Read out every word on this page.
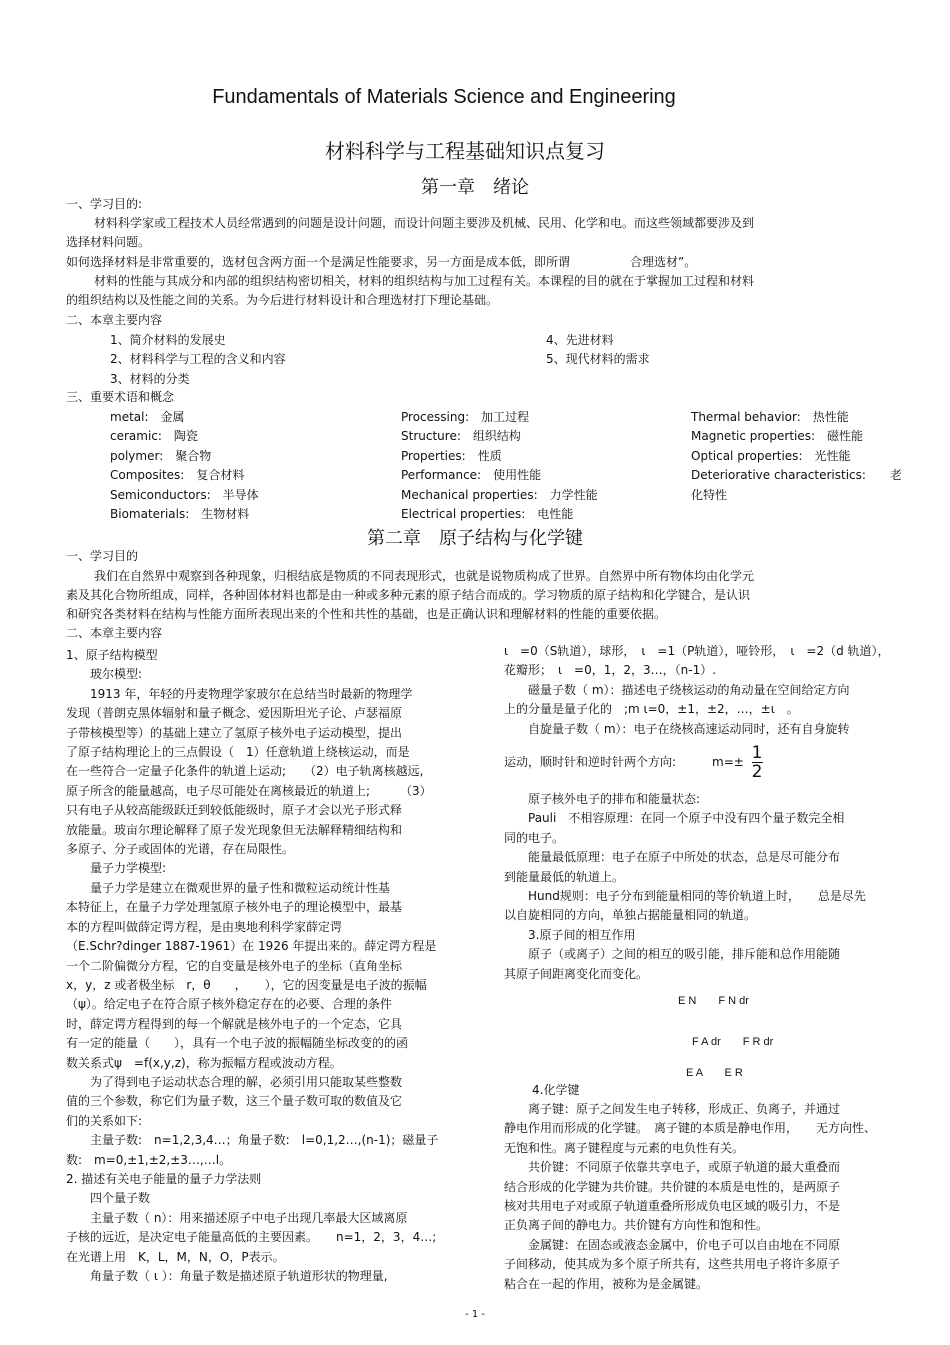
Fundamentals of Materials Science and Engineering
材料科学与工程基础知识点复习
第一章　绪论
一、学习目的:
材料科学家或工程技术人员经常遇到的问题是设计问题，而设计问题主要涉及机械、民用、化学和电。而这些领域都要涉及到
选择材料问题。
如何选择材料是非常重要的，选材包含两方面一个是满足性能要求，另一方面是成本低，即所谓　　　　　合理选材”。
材料的性能与其成分和内部的组织结构密切相关，材料的组织结构与加工过程有关。本课程的目的就在于掌握加工过程和材料
的组织结构以及性能之间的关系。为今后进行材料设计和合理选材打下理论基础。
二、本章主要内容
1、简介材料的发展史
2、材料科学与工程的含义和内容
3、材料的分类
4、先进材料
5、现代材料的需求
三、重要术语和概念
metal:　金属
ceramic:　陶瓷
polymer:　聚合物
Composites:　复合材料
Semiconductors:　半导体
Biomaterials:　生物材料
Processing:　加工过程
Structure:　组织结构
Properties:　性质
Performance:　使用性能
Mechanical properties:　力学性能
Electrical properties:　电性能
Thermal behavior:　热性能
Magnetic properties:　磁性能
Optical properties:　光性能
Deteriorative characteristics:　　老
化特性
第二章　原子结构与化学键
一、学习目的
我们在自然界中观察到各种现象，归根结底是物质的不同表现形式，也就是说物质构成了世界。自然界中所有物体均由化学元
素及其化合物所组成，同样，各种固体材料也都是由一种或多种元素的原子结合而成的。学习物质的原子结构和化学键合，是认识
和研究各类材料在结构与性能方面所表现出来的个性和共性的基础，也是正确认识和理解材料的性能的重要依据。
二、本章主要内容
1、原子结构模型
　　玻尔模型:
　　1913 年，年轻的丹麦物理学家玻尔在总结当时最新的物理学
发现（普朗克黑体辐射和量子概念、爱因斯坦光子论、卢瑟福原
子带核模型等）的基础上建立了氢原子核外电子运动模型，提出
了原子结构理论上的三点假设（　1）任意轨道上绕核运动，而是
在一些符合一定量子化条件的轨道上运动;　　（2）电子轨离核越远,
原子所含的能量越高，电子尽可能处在离核最近的轨道上;　　　（3）
只有电子从较高能级跃迁到较低能级时，原子才会以光子形式释
放能量。玻亩尔理论解释了原子发光现象但无法解释精细结构和
多原子、分子或固体的光谱，存在局限性。
　　量子力学模型:
　　量子力学是建立在微观世界的量子性和微粒运动统计性基
本特征上，在量子力学处理氢原子核外电子的理论模型中，最基
本的方程叫做薛定谔方程，是由奥地利科学家薛定谔
（E.Schr?dinger 1887-1961）在 1926 年提出来的。薛定谔方程是
一个二阶偏微分方程，它的自变量是核外电子的坐标（直角坐标
x，y，z 或者极坐标　r，θ　　，　　），它的因变量是电子波的振幅
（ψ）。给定电子在符合原子核外稳定存在的必要、合理的条件
时，薛定谔方程得到的每一个解就是核外电子的一个定态，它具
有一定的能量（　　），具有一个电子波的振幅随坐标改变的的函
数关系式ψ　=f(x,y,z)，称为振幅方程或波动方程。
　　为了得到电子运动状态合理的解，必须引用只能取某些整数
值的三个参数，称它们为量子数，这三个量子数可取的数值及它
们的关系如下:
　　主量子数:　n=1,2,3,4…；角量子数:　l=0,1,2…,(n-1)；磁量子
数:　m=0,±1,±2,±3…,…l。
2. 描述有关电子能量的量子力学法则
　　四个量子数
　　主量子数（ n）：用来描述原子中电子出现几率最大区域离原
子核的远近，是决定电子能量高低的主要因素。　　n=1，2，3，4…;
在光谱上用　K，L，M，N，O，P表示。
　　角量子数（ ι ）：角量子数是描述原子轨道形状的物理量,
ι　=0（S轨道），球形，　ι　=1（P轨道），哑铃形，　ι　=2（d 轨道），
花瓣形；　ι　=0，1，2，3…，（n-1）.
　　磁量子数（ m）：描述电子绕核运动的角动量在空间给定方向
上的分量是量子化的　;m ι=0，±1，±2，…，±ι　。
　　自旋量子数（ m）：电子在绕核高速运动同时，还有自身旋转
运动，顺时针和逆时针两个方向:　　　$m=\pm \frac{1}{2}$
　　原子核外电子的排布和能量状态:
　　Pauli　不相容原理：在同一个原子中没有四个量子数完全相
同的电子。
　　能量最低原理：电子在原子中所处的状态，总是尽可能分布
到能量最低的轨道上。
　　Hund规则：电子分布到能量相同的等价轨道上时，　　总是尽先
以自旋相同的方向，单独占据能量相同的轨道。
　　3.原子间的相互作用
　　原子（或离子）之间的相互的吸引能，排斥能和总作用能随
其原子间距离变化而变化。
E N　　F N dr
F A dr　　F R dr
E A　　E R
4.化学键
　　离子键：原子之间发生电子转移，形成正、负离子，并通过
静电作用而形成的化学键。　离子键的本质是静电作用，　　无方向性、
无饱和性。离子键程度与元素的电负性有关。
　　共价键：不同原子依靠共享电子，或原子轨道的最大重叠而
结合形成的化学键为共价键。共价键的本质是电性的，是两原子
核对共用电子对或原子轨道重叠所形成负电区域的吸引力，不是
正负离子间的静电力。共价键有方向性和饱和性。
　　金属键：在固态或液态金属中，价电子可以自由地在不同原
子间移动，使其成为多个原子所共有，这些共用电子将许多原子
粘合在一起的作用，被称为是金属键。
- 1 -
